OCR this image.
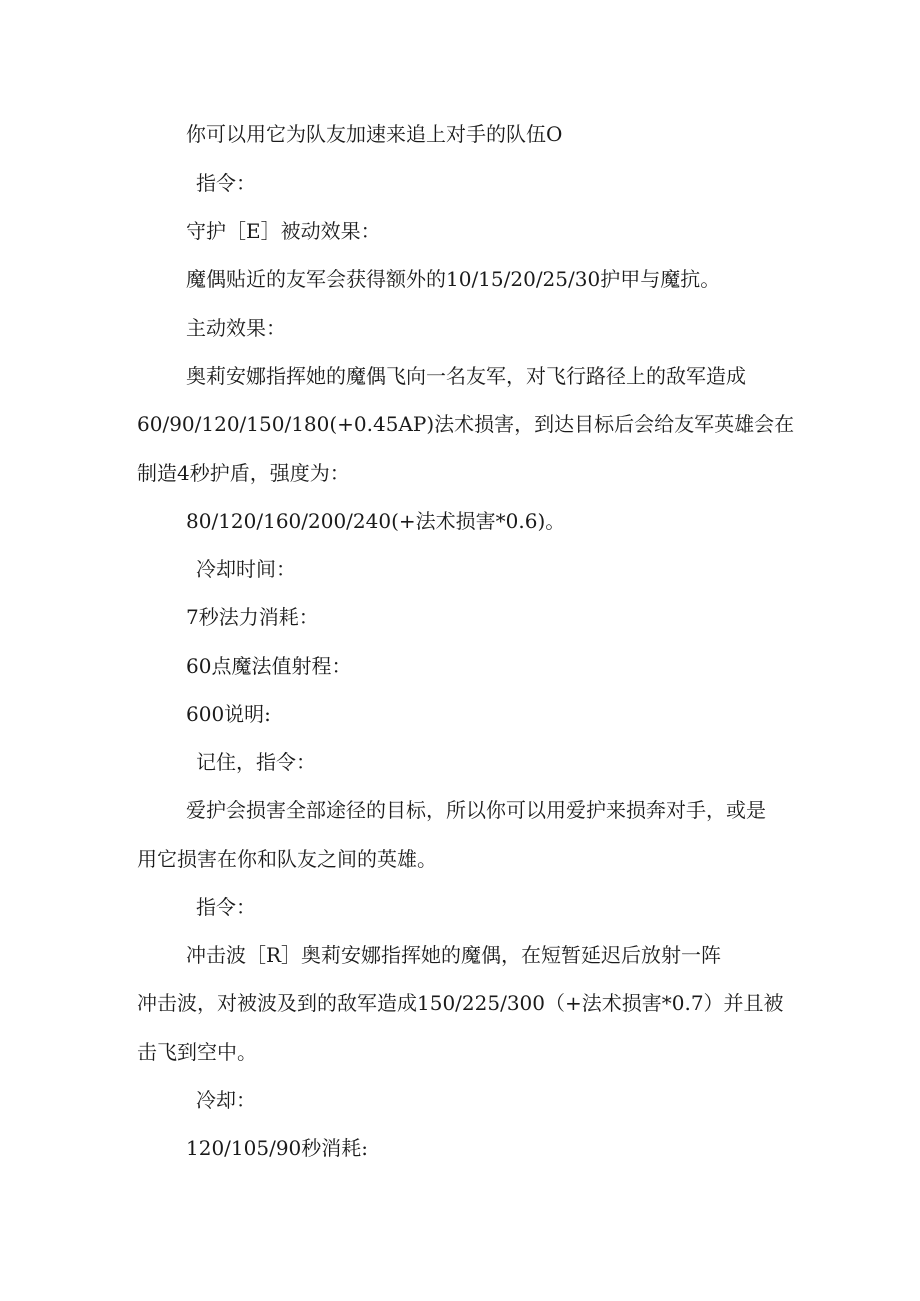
你可以用它为队友加速来追上对手的队伍O
指令：
守护［E］被动效果：
魔偶贴近的友军会获得额外的10/15/20/25/30护甲与魔抗。
主动效果：
奥莉安娜指挥她的魔偶飞向一名友军，对飞行路径上的敌军造成
60/90/120/150/180(+0.45AP)法术损害，到达目标后会给友军英雄会在
制造4秒护盾，强度为：
80/120/160/200/240(+法术损害*0.6)。
冷却时间：
7秒法力消耗：
60点魔法值射程：
600说明:
记住，指令：
爱护会损害全部途径的目标，所以你可以用爱护来损奔对手，或是
用它损害在你和队友之间的英雄。
指令：
冲击波［R］奥莉安娜指挥她的魔偶，在短暂延迟后放射一阵
冲击波，对被波及到的敌军造成150/225/300（+法术损害*0.7）并且被
击飞到空中。
冷却：
120/105/90秒消耗:
